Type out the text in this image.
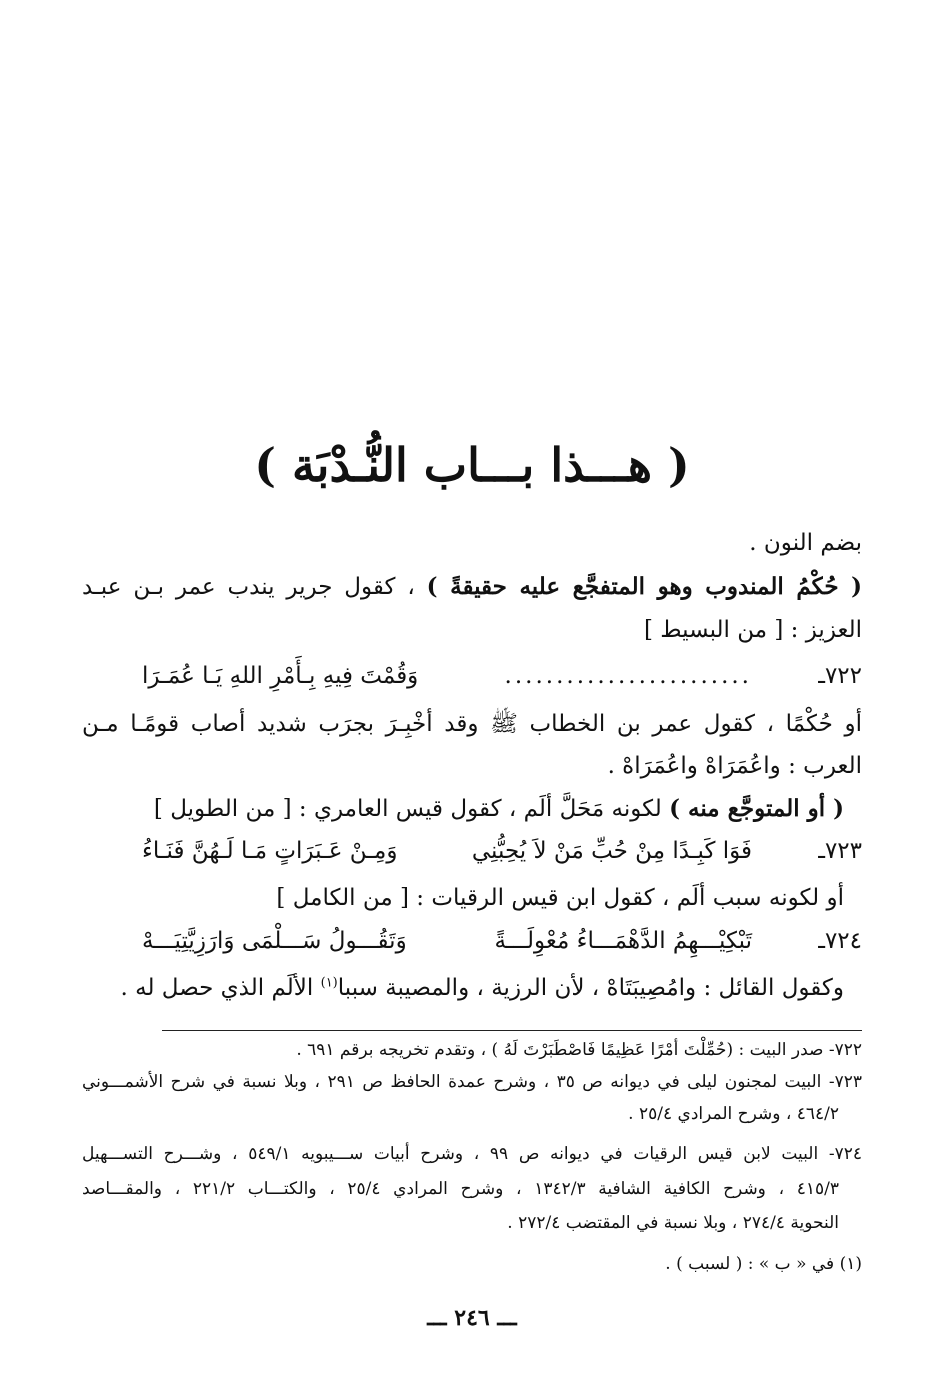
( هـــذا بـــاب النُّـدْبَة )
بضم النون .
( حُكْمُ المندوب وهو المتفجَّع عليه حقيقةً ) ، كقول جرير يندب عمر بـن عبـد
العزيز : [ من البسيط ]
٧٢٢ـ
........................
وَقُمْتَ فِيهِ بِـأَمْرِ اللهِ يَـا عُمَـرَا
أو حُكْمًا ، كقول عمر بن الخطاب ﷺ وقد أخْبِـرَ بجرَب شديد أصاب قومًـا مـن
العرب : واعُمَرَاهْ واعُمَرَاهْ .
( أو المتوجَّع منه ) لكونه مَحَلَّ ألَم ، كقول قيس العامري : [ من الطويل ]
٧٢٣ـ
فَوَا كَبِـدًا مِنْ حُبِّ مَنْ لاَ يُحِبُّنِي
وَمِـنْ عَـبَرَاتٍ مَـا لَـهُنَّ فَنَـاءُ
أو لكونه سبب ألَم ، كقول ابن قيس الرقيات : [ من الكامل ]
٧٢٤ـ
تَبْكِيْـــهِمُ الدَّهْمَـــاءُ مُعْوِلَـــةً
وَتَقُـــولُ سَـــلْمَى وَارَزِيَّتِيَـــهْ
وكقول القائل : وامُصِيبَتَاهْ ، لأن الرزية ، والمصيبة سببا$^{(١)}$ الألَم الذي حصل له .
٧٢٢- صدر البيت : (حُمِّلْتَ أمْرًا عَظِيمًا فَاصْطَبَرْتَ لَهُ ) ، وتقدم تخريجه برقم ٦٩١ .
٧٢٣- البيت لمجنون ليلى في ديوانه ص ٣٥ ، وشرح عمدة الحافظ ص ٢٩١ ، وبلا نسبة في شرح الأشمـــوني
٤٦٤/٢ ، وشرح المرادي ٢٥/٤ .
٧٢٤- البيت لابن قيس الرقيات في ديوانه ص ٩٩ ، وشرح أبيات ســـيبويه ٥٤٩/١ ، وشـــرح التســـهيل
٤١٥/٣ ، وشرح الكافية الشافية ١٣٤٢/٣ ، وشرح المرادي ٢٥/٤ ، والكتـــاب ٢٢١/٢ ، والمقـــاصد
النحوية ٢٧٤/٤ ، وبلا نسبة في المقتضب ٢٧٢/٤ .
(١) في « ب » : ( لسبب ) .
ـــ ٢٤٦ ـــ
